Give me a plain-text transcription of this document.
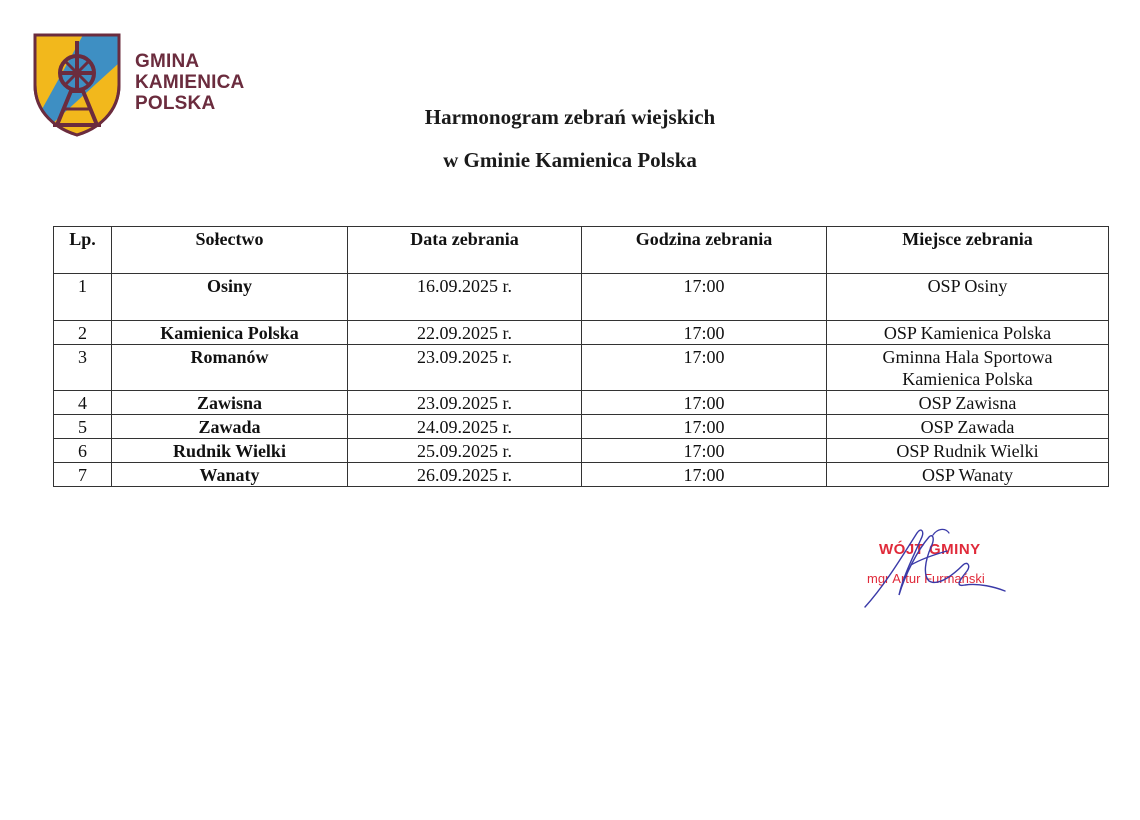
GMINA
KAMIENICA
POLSKA
Harmonogram zebrań wiejskich
w Gminie Kamienica Polska
Lp.	Sołectwo	Data zebrania	Godzina zebrania	Miejsce zebrania
1	Osiny	16.09.2025 r.	17:00	OSP Osiny
2	Kamienica Polska	22.09.2025 r.	17:00	OSP Kamienica Polska
3	Romanów	23.09.2025 r.	17:00	Gminna Hala Sportowa
Kamienica Polska

4	Zawisna	23.09.2025 r.	17:00	OSP Zawisna
5	Zawada	24.09.2025 r.	17:00	OSP Zawada
6	Rudnik Wielki	25.09.2025 r.	17:00	OSP Rudnik Wielki
7	Wanaty	26.09.2025 r.	17:00	OSP Wanaty
WÓJT GMINY
mgr Artur Furmański
